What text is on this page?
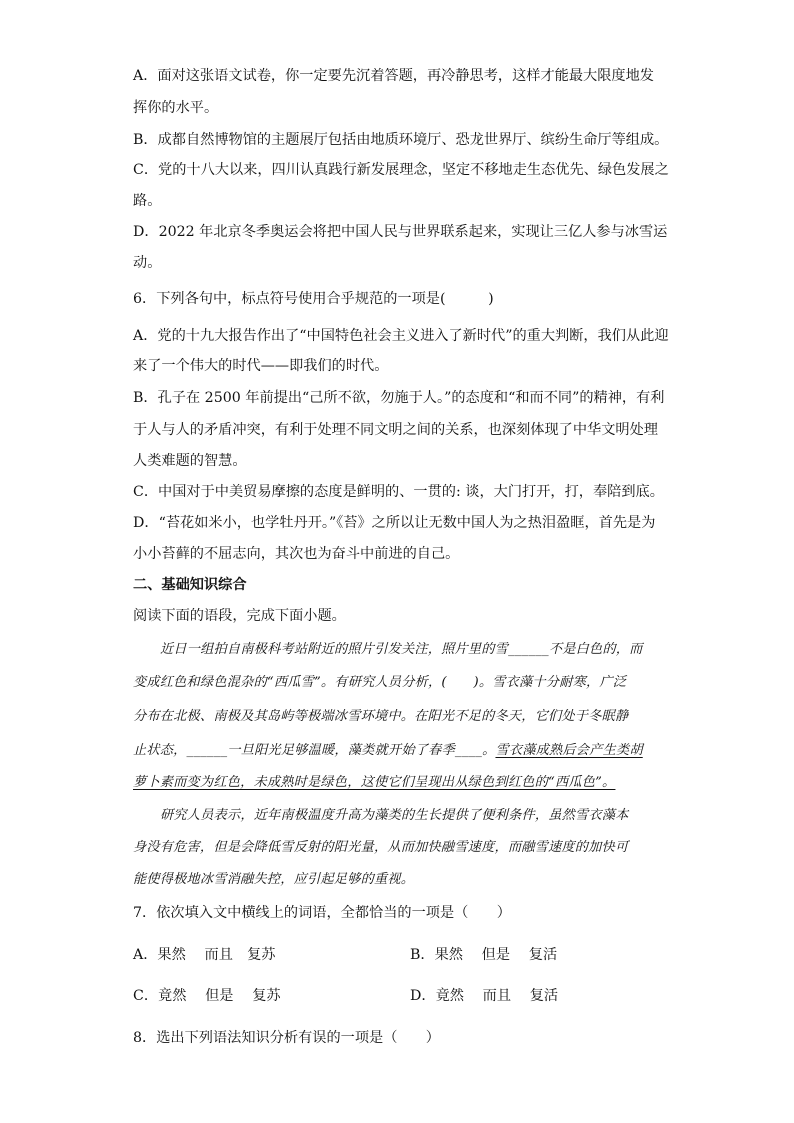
A．面对这张语文试卷，你一定要先沉着答题，再冷静思考，这样才能最大限度地发
挥你的水平。
B．成都自然博物馆的主题展厅包括由地质环境厅、恐龙世界厅、缤纷生命厅等组成。
C．党的十八大以来，四川认真践行新发展理念，坚定不移地走生态优先、绿色发展之
路。
D．2022 年北京冬季奥运会将把中国人民与世界联系起来，实现让三亿人参与冰雪运
动。
6．下列各句中，标点符号使用合乎规范的一项是(　　　)
A．党的十九大报告作出了“中国特色社会主义进入了新时代”的重大判断，我们从此迎
来了一个伟大的时代——即我们的时代。
B．孔子在 2500 年前提出“己所不欲，勿施于人。”的态度和“和而不同”的精神，有利
于人与人的矛盾冲突，有利于处理不同文明之间的关系，也深刻体现了中华文明处理
人类难题的智慧。
C．中国对于中美贸易摩擦的态度是鲜明的、一贯的: 谈，大门打开，打，奉陪到底。
D．“苔花如米小，也学牡丹开。”《苔》之所以让无数中国人为之热泪盈眶，首先是为
小小苔藓的不屈志向，其次也为奋斗中前进的自己。
二、基础知识综合
阅读下面的语段，完成下面小题。
近日一组拍自南极科考站附近的照片引发关注，照片里的雪______不是白色的，而
变成红色和绿色混杂的“西瓜雪”。有研究人员分析，(　　)。雪衣藻十分耐寒，广泛
分布在北极、南极及其岛屿等极端冰雪环境中。在阳光不足的冬天，它们处于冬眠静
止状态，______一旦阳光足够温暖，藻类就开始了春季____。雪衣藻成熟后会产生类胡
萝卜素而变为红色，未成熟时是绿色，这使它们呈现出从绿色到红色的“西瓜色”。
研究人员表示，近年南极温度升高为藻类的生长提供了便利条件，虽然雪衣藻本
身没有危害，但是会降低雪反射的阳光量，从而加快融雪速度，而融雪速度的加快可
能使得极地冰雪消融失控，应引起足够的重视。
7．依次填入文中横线上的词语，全都恰当的一项是（　　）
A．果然　 而且　复苏	B．果然　 但是　 复活
C．竟然　 但是　 复苏	D．竟然　 而且　 复活
8．选出下列语法知识分析有误的一项是（　　）
